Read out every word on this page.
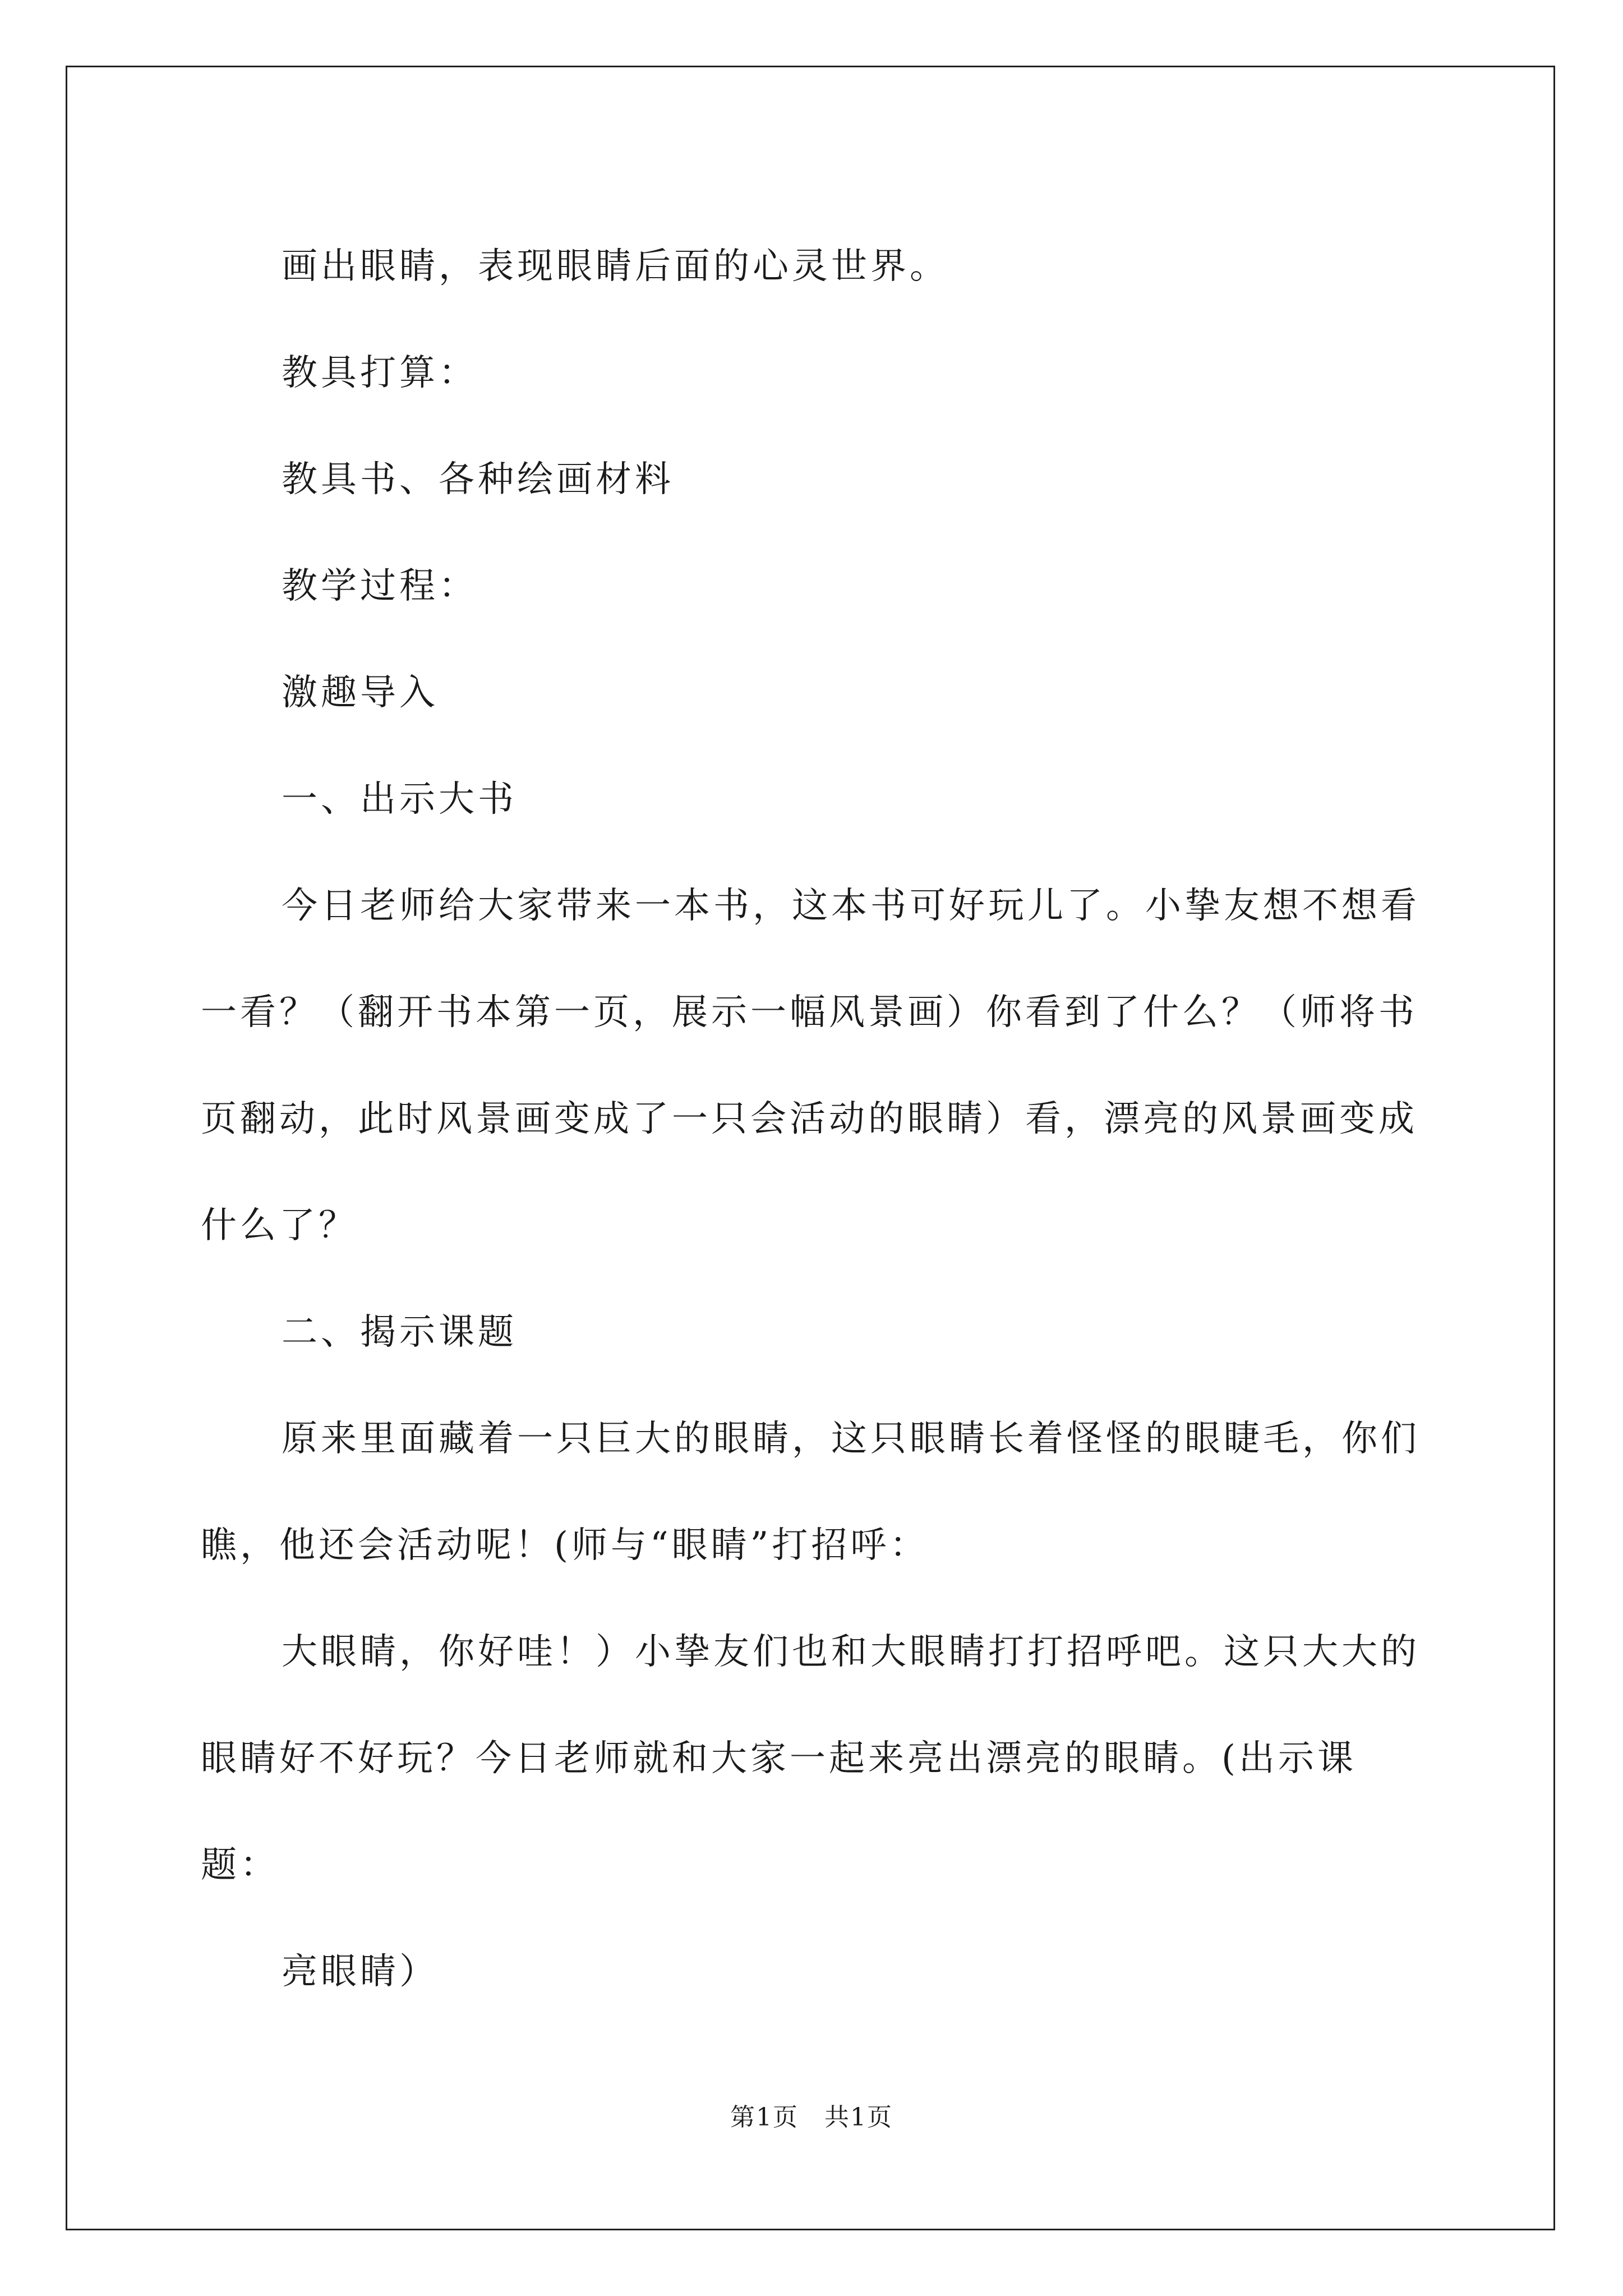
画出眼睛，表现眼睛后面的心灵世界。

教具打算：

教具书、各种绘画材料

教学过程：

激趣导入

一、出示大书

今日老师给大家带来一本书，这本书可好玩儿了。小挚友想不想看一看？（翻开书本第一页，展示一幅风景画）你看到了什么？（师将书页翻动，此时风景画变成了一只会活动的眼睛）看，漂亮的风景画变成什么了？

二、揭示课题

原来里面藏着一只巨大的眼睛，这只眼睛长着怪怪的眼睫毛，你们瞧，他还会活动呢！(师与“眼睛”打招呼：

大眼睛，你好哇！）小挚友们也和大眼睛打打招呼吧。这只大大的眼睛好不好玩？今日老师就和大家一起来亮出漂亮的眼睛。(出示课题：

亮眼睛）

第1页　共1页
